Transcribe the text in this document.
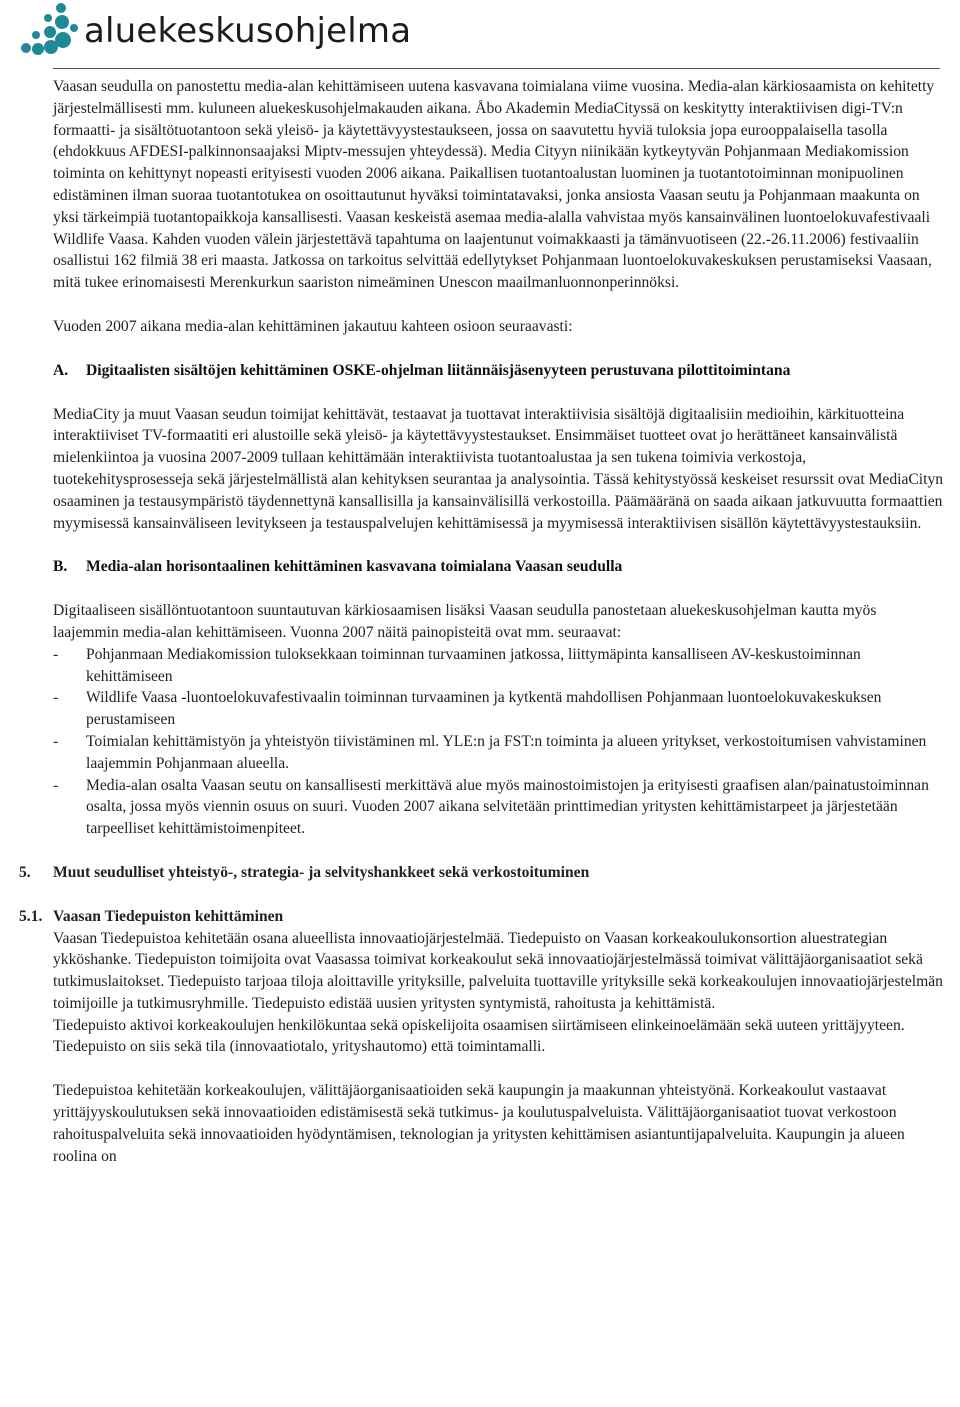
aluekeskusohjelma

Vaasan seudulla on panostettu media-alan kehittämiseen uutena kasvavana toimialana viime vuosina. Media-alan kärkiosaamista on kehitetty järjestelmällisesti mm. kuluneen aluekeskusohjelmakauden aikana. Åbo Akademin MediaCityssä on keskitytty interaktiivisen digi-TV:n formaatti- ja sisältötuotantoon sekä yleisö- ja käytettävyystestaukseen, jossa on saavutettu hyviä tuloksia jopa eurooppalaisella tasolla (ehdokkuus AFDESI-palkinnonsaajaksi Miptv-messujen yhteydessä). Media Cityyn niinikään kytkeytyvän Pohjanmaan Mediakomission toiminta on kehittynyt nopeasti erityisesti vuoden 2006 aikana. Paikallisen tuotantoalustan luominen ja tuotantotoiminnan monipuolinen edistäminen ilman suoraa tuotantotukea on osoittautunut hyväksi toimintatavaksi, jonka ansiosta Vaasan seutu ja Pohjanmaan maakunta on yksi tärkeimpiä tuotantopaikkoja kansallisesti. Vaasan keskeistä asemaa media-alalla vahvistaa myös kansainvälinen luontoelokuvafestivaali Wildlife Vaasa. Kahden vuoden välein järjestettävä tapahtuma on laajentunut voimakkaasti ja tämänvuotiseen (22.-26.11.2006) festivaaliin osallistui 162 filmiä 38 eri maasta. Jatkossa on tarkoitus selvittää edellytykset Pohjanmaan luontoelokuvakeskuksen perustamiseksi Vaasaan, mitä tukee erinomaisesti Merenkurkun saariston nimeäminen Unescon maailmanluonnonperinnöksi.

Vuoden 2007 aikana media-alan kehittäminen jakautuu kahteen osioon seuraavasti:

A.	Digitaalisten sisältöjen kehittäminen OSKE-ohjelman liitännäisjäsenyyteen perustuvana pilottitoimintana

MediaCity ja muut Vaasan seudun toimijat kehittävät, testaavat ja tuottavat interaktiivisia sisältöjä digitaalisiin medioihin, kärkituotteina interaktiiviset TV-formaatiti eri alustoille sekä yleisö- ja käytettävyystestaukset. Ensimmäiset tuotteet ovat jo herättäneet kansainvälistä mielenkiintoa ja vuosina 2007-2009 tullaan kehittämään interaktiivista tuotantoalustaa ja sen tukena toimivia verkostoja, tuotekehitysprosesseja sekä järjestelmällistä alan kehityksen seurantaa ja analysointia. Tässä kehitystyössä keskeiset resurssit ovat MediaCityn osaaminen ja testausympäristö täydennettynä kansallisilla ja kansainvälisillä verkostoilla. Päämääränä on saada aikaan jatkuvuutta formaattien myymisessä kansainväliseen levitykseen ja testauspalvelujen kehittämisessä ja myymisessä interaktiivisen sisällön käytettävyystestauksiin.

B.	Media-alan horisontaalinen kehittäminen kasvavana toimialana Vaasan seudulla

Digitaaliseen sisällöntuotantoon suuntautuvan kärkiosaamisen lisäksi Vaasan seudulla panostetaan aluekeskusohjelman kautta myös laajemmin media-alan kehittämiseen. Vuonna 2007 näitä painopisteitä ovat mm. seuraavat:

-	Pohjanmaan Mediakomission tuloksekkaan toiminnan turvaaminen jatkossa, liittymäpinta kansalliseen AV-keskustoiminnan kehittämiseen
-	Wildlife Vaasa -luontoelokuvafestivaalin toiminnan turvaaminen ja kytkentä mahdollisen Pohjanmaan luontoelokuvakeskuksen perustamiseen
-	Toimialan kehittämistyön ja yhteistyön tiivistäminen ml. YLE:n ja FST:n toiminta ja alueen yritykset, verkostoitumisen vahvistaminen laajemmin Pohjanmaan alueella.
-	Media-alan osalta Vaasan seutu on kansallisesti merkittävä alue myös mainostoimistojen ja erityisesti graafisen alan/painatustoiminnan osalta, jossa myös viennin osuus on suuri. Vuoden 2007 aikana selvitetään printtimedian yritysten kehittämistarpeet ja järjestetään tarpeelliset kehittämistoimenpiteet.
5.	Muut seudulliset yhteistyö-, strategia- ja selvityshankkeet sekä verkostoituminen
5.1. Vaasan Tiedepuiston kehittäminen

Vaasan Tiedepuistoa kehitetään osana alueellista innovaatiojärjestelmää. Tiedepuisto on Vaasan korkeakoulukonsortion aluestrategian ykköshanke. Tiedepuiston toimijoita ovat Vaasassa toimivat korkeakoulut sekä innovaatiojärjestelmässä toimivat välittäjäorganisaatiot sekä tutkimuslaitokset. Tiedepuisto tarjoaa tiloja aloittaville yrityksille, palveluita tuottaville yrityksille sekä korkeakoulujen innovaatiojärjestelmän toimijoille ja tutkimusryhmille. Tiedepuisto edistää uusien yritysten syntymistä, rahoitusta ja kehittämistä.

Tiedepuisto aktivoi korkeakoulujen henkilökuntaa sekä opiskelijoita osaamisen siirtämiseen elinkeinoelämään sekä uuteen yrittäjyyteen. Tiedepuisto on siis sekä tila (innovaatiotalo, yrityshautomo) että toimintamalli.

Tiedepuistoa kehitetään korkeakoulujen, välittäjäorganisaatioiden sekä kaupungin ja maakunnan yhteistyönä. Korkeakoulut vastaavat yrittäjyyskoulutuksen sekä innovaatioiden edistämisestä sekä tutkimus- ja koulutuspalveluista. Välittäjäorganisaatiot tuovat verkostoon rahoituspalveluita sekä innovaatioiden hyödyntämisen, teknologian ja yritysten kehittämisen asiantuntijapalveluita. Kaupungin ja alueen roolina on
